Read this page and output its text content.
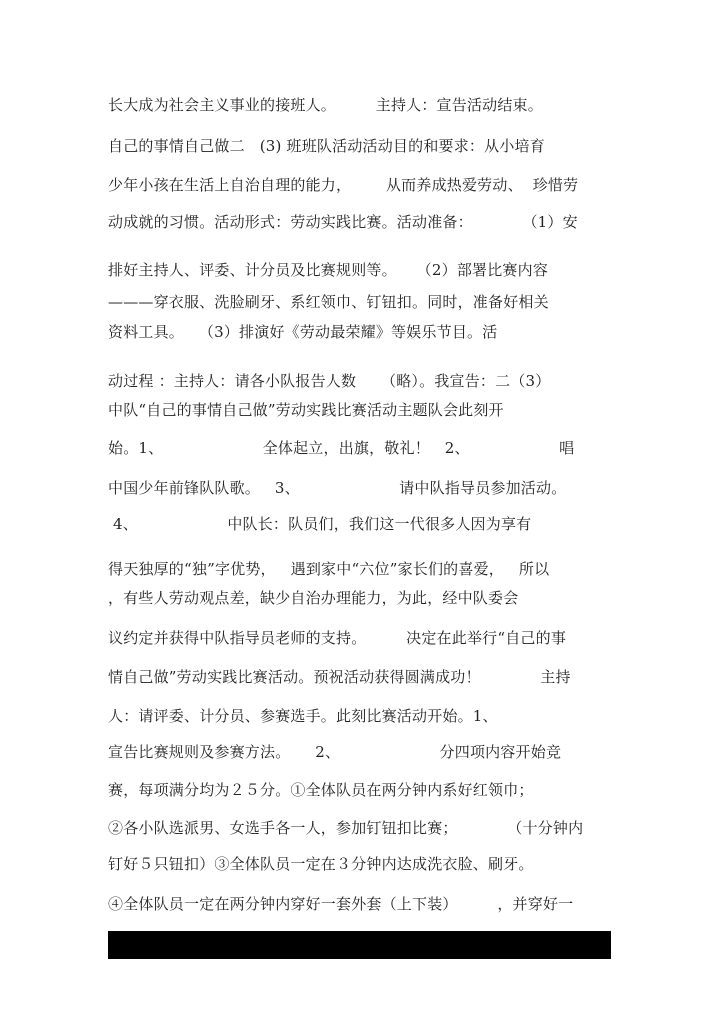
长大成为社会主义事业的接班人。        主持人：宣告活动结束。
自己的事情自己做二   (3) 班班队活动活动目的和要求：从小培育
少年小孩在生活上自治自理的能力，       从而养成热爱劳动、  珍惜劳
动成就的习惯。活动形式：劳动实践比赛。活动准备：          （1）安
排好主持人、评委、计分员及比赛规则等。    （2）部署比赛内容
———穿衣服、洗脸刷牙、系红领巾、钉钮扣。同时，准备好相关
资料工具。   （3）排演好《劳动最荣耀》等娱乐节目。活
动过程 ：主持人：请各小队报告人数     （略）。我宣告：二（3）
中队“自己的事情自己做”劳动实践比赛活动主题队会此刻开
始。1、                    全体起立，出旗，敬礼！   2、                  唱
中国少年前锋队队歌。   3、                    请中队指导员参加活动。
4、                  中队长：队员们，我们这一代很多人因为享有
得天独厚的“独”字优势，   遇到家中“六位”家长们的喜爱，   所以
，有些人劳动观点差，缺少自治办理能力，为此，经中队委会
议约定并获得中队指导员老师的支持。        决定在此举行“自己的事
情自己做”劳动实践比赛活动。预祝活动获得圆满成功！            主持
人：请评委、计分员、参赛选手。此刻比赛活动开始。1、
宣告比赛规则及参赛方法。     2、                    分四项内容开始竞
赛，每项满分均为２５分。①全体队员在两分钟内系好红领巾；
②各小队选派男、女选手各一人，参加钉钮扣比赛；          （十分钟内
钉好５只钮扣）③全体队员一定在３分钟内达成洗衣脸、刷牙。
④全体队员一定在两分钟内穿好一套外套（上下装）        ，并穿好一
